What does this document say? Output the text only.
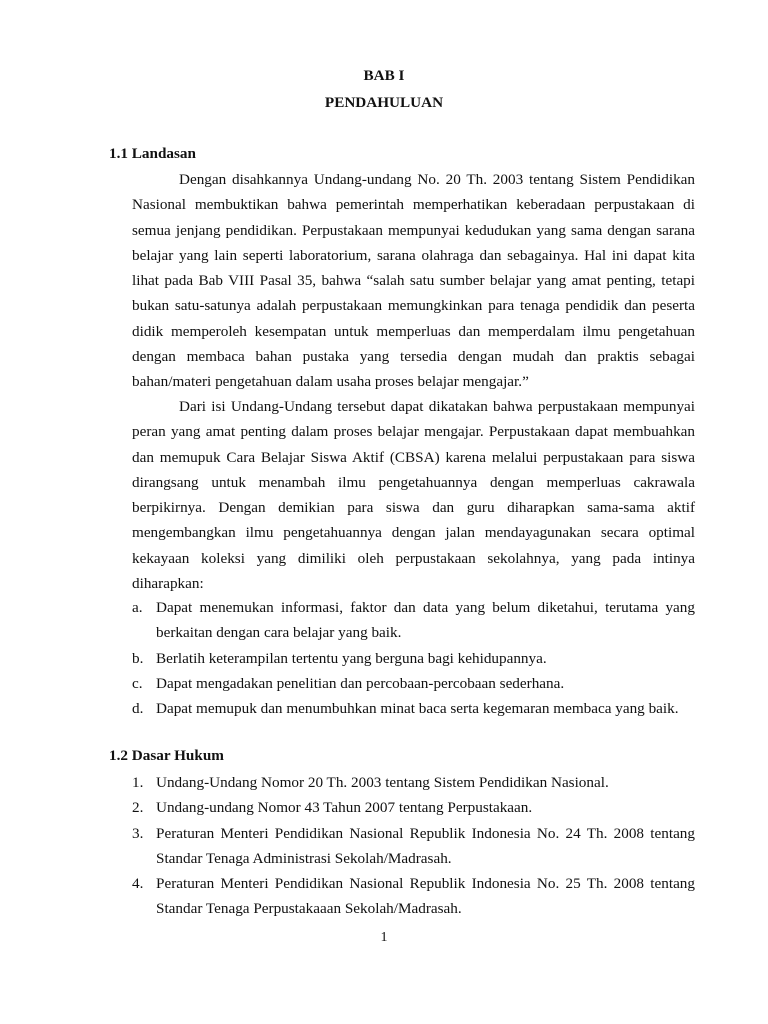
BAB I
PENDAHULUAN
1.1 Landasan

Dengan disahkannya Undang-undang No. 20 Th. 2003 tentang Sistem Pendidikan Nasional membuktikan bahwa pemerintah memperhatikan keberadaan perpustakaan di semua jenjang pendidikan. Perpustakaan mempunyai kedudukan yang sama dengan sarana belajar yang lain seperti laboratorium, sarana olahraga dan sebagainya. Hal ini dapat kita lihat pada Bab VIII Pasal 35, bahwa “salah satu sumber belajar yang amat penting, tetapi bukan satu-satunya adalah perpustakaan memungkinkan para tenaga pendidik dan peserta didik memperoleh kesempatan untuk memperluas dan memperdalam ilmu pengetahuan dengan membaca bahan pustaka yang tersedia dengan mudah dan praktis sebagai bahan/materi pengetahuan dalam usaha proses belajar mengajar.”

Dari isi Undang-Undang tersebut dapat dikatakan bahwa perpustakaan mempunyai peran yang amat penting dalam proses belajar mengajar. Perpustakaan dapat membuahkan dan memupuk Cara Belajar Siswa Aktif (CBSA) karena melalui perpustakaan para siswa dirangsang untuk menambah ilmu pengetahuannya dengan memperluas cakrawala berpikirnya. Dengan demikian para siswa dan guru diharapkan sama-sama aktif mengembangkan ilmu pengetahuannya dengan jalan mendayagunakan secara optimal kekayaan koleksi yang dimiliki oleh perpustakaan sekolahnya, yang pada intinya diharapkan:

a. Dapat menemukan informasi, faktor dan data yang belum diketahui, terutama yang berkaitan dengan cara belajar yang baik.
b. Berlatih keterampilan tertentu yang berguna bagi kehidupannya.
c. Dapat mengadakan penelitian dan percobaan-percobaan sederhana.
d. Dapat memupuk dan menumbuhkan minat baca serta kegemaran membaca yang baik.
1.2 Dasar Hukum
1. Undang-Undang Nomor 20 Th. 2003 tentang Sistem Pendidikan Nasional.
2. Undang-undang Nomor 43 Tahun 2007 tentang Perpustakaan.
3. Peraturan Menteri Pendidikan Nasional Republik Indonesia No. 24 Th. 2008 tentang Standar Tenaga Administrasi Sekolah/Madrasah.
4. Peraturan Menteri Pendidikan Nasional Republik Indonesia No. 25 Th. 2008 tentang Standar Tenaga Perpustakaaan Sekolah/Madrasah.
1
